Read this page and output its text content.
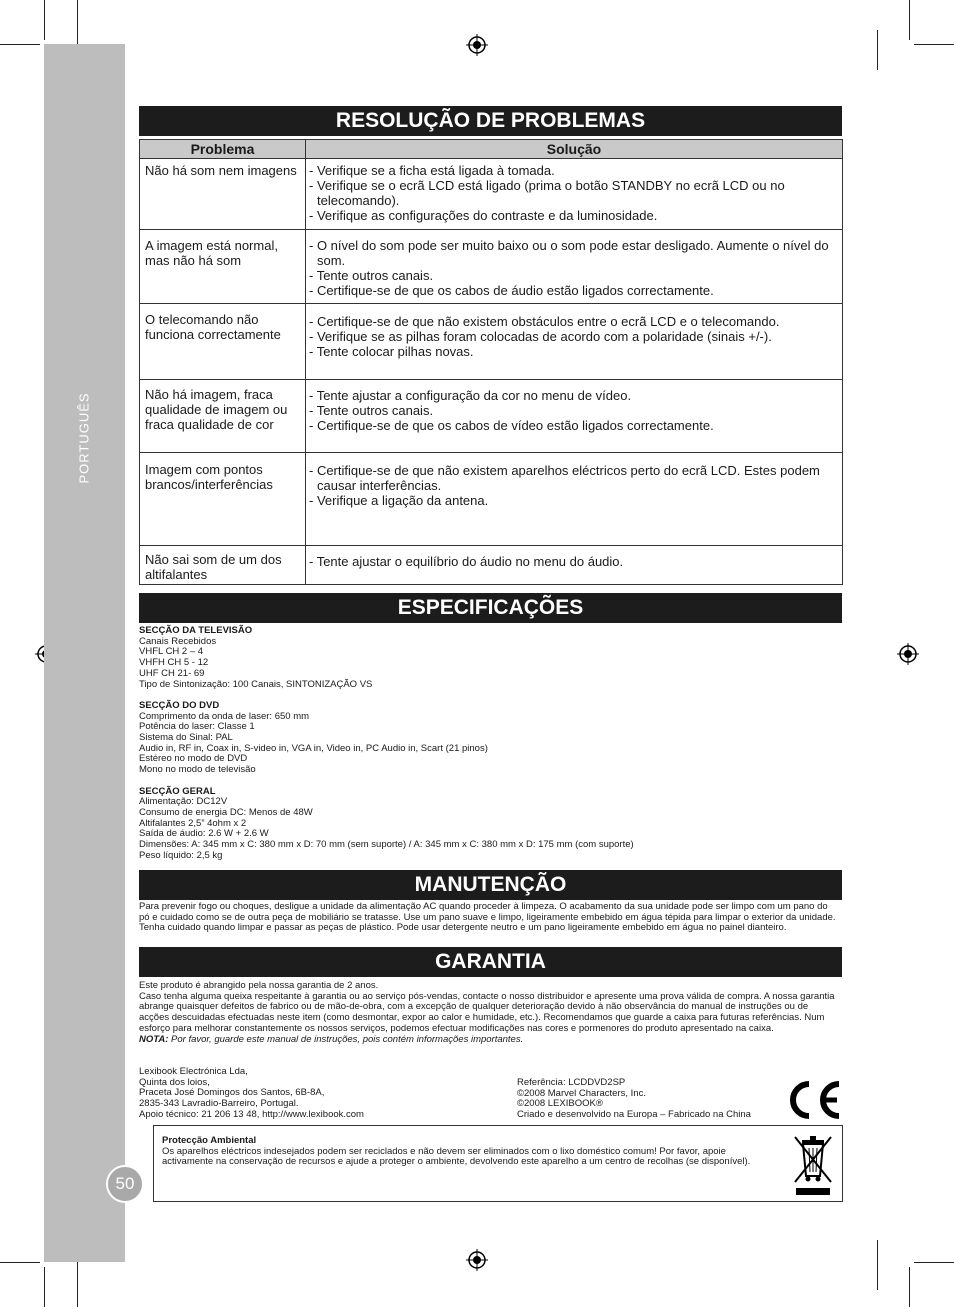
PORTUGUÊS
50
RESOLUÇÃO DE PROBLEMAS
Problema	Solução
Não há som nem imagens	- Verifique se a ficha está ligada à tomada.

- Verifique se o ecrã LCD está ligado (prima o botão STANDBY no ecrã LCD ou no telecomando).

- Verifique as configurações do contraste e da luminosidade.

A imagem está normal, mas não há som	- O nível do som pode ser muito baixo ou o som pode estar desligado. Aumente o nível do som.

- Tente outros canais.

- Certifique-se de que os cabos de áudio estão ligados correctamente.

O telecomando não funciona correctamente	- Certifique-se de que não existem obstáculos entre o ecrã LCD e o telecomando.

- Verifique se as pilhas foram colocadas de acordo com a polaridade (sinais +/-).

- Tente colocar pilhas novas.

Não há imagem, fraca qualidade de imagem ou fraca qualidade de cor	- Tente ajustar a configuração da cor no menu de vídeo.

- Tente outros canais.

- Certifique-se de que os cabos de vídeo estão ligados correctamente.

Imagem com pontos brancos/interferências	- Certifique-se de que não existem aparelhos eléctricos perto do ecrã LCD. Estes podem causar interferências.

- Verifique a ligação da antena.

Não sai som de um dos altifalantes	- Tente ajustar o equilíbrio do áudio no menu do áudio.

ESPECIFICAÇÕES
SECÇÃO DA TELEVISÃO
Canais Recebidos
VHFL CH 2 – 4
VHFH CH 5 - 12
UHF CH 21- 69
Tipo de Sintonização: 100 Canais, SINTONIZAÇÃO VS
SECÇÃO DO DVD
Comprimento da onda de laser: 650 mm
Potência do laser: Classe 1
Sistema do Sinal: PAL
Audio in, RF in, Coax in, S-video in, VGA in, Video in, PC Audio in, Scart (21 pinos)
Estéreo no modo de DVD
Mono no modo de televisão
SECÇÃO GERAL
Alimentação: DC12V
Consumo de energia DC: Menos de 48W
Altifalantes 2,5” 4ohm x 2
Saída de áudio: 2.6 W + 2.6 W
Dimensões: A: 345 mm x C: 380 mm x D: 70 mm (sem suporte) / A: 345 mm x C: 380 mm x D: 175 mm (com suporte)
Peso líquido: 2,5 kg
MANUTENÇÃO

Para prevenir fogo ou choques, desligue a unidade da alimentação AC quando proceder à limpeza. O acabamento da sua unidade pode ser limpo com um pano do pó e cuidado como se de outra peça de mobiliário se tratasse. Use um pano suave e limpo, ligeiramente embebido em água tépida para limpar o exterior da unidade. Tenha cuidado quando limpar e passar as peças de plástico. Pode usar detergente neutro e um pano ligeiramente embebido em água no painel dianteiro.

GARANTIA
Este produto é abrangido pela nossa garantia de 2 anos.
Caso tenha alguma queixa respeitante à garantia ou ao serviço pós-vendas, contacte o nosso distribuidor e apresente uma prova válida de compra. A nossa garantia abrange quaisquer defeitos de fabrico ou de mão-de-obra, com a excepção de qualquer deterioração devido à não observância do manual de instruções ou de acções descuidadas efectuadas neste item (como desmontar, expor ao calor e humidade, etc.). Recomendamos que guarde a caixa para futuras referências. Num esforço para melhorar constantemente os nossos serviços, podemos efectuar modificações nas cores e pormenores do produto apresentado na caixa.
NOTA: Por favor, guarde este manual de instruções, pois contém informações importantes.
Lexibook Electrónica Lda,
Quinta dos loios,
Praceta José Domingos dos Santos, 6B-8A,
2835-343 Lavradio-Barreiro, Portugal.
Apoio técnico: 21 206 13 48, http://www.lexibook.com
Referência: LCDDVD2SP
©2008 Marvel Characters, Inc.
©2008 LEXIBOOK®
Criado e desenvolvido na Europa – Fabricado na China
Protecção Ambiental
Os aparelhos eléctricos indesejados podem ser reciclados e não devem ser eliminados com o lixo doméstico comum! Por favor, apoie activamente na conservação de recursos e ajude a proteger o ambiente, devolvendo este aparelho a um centro de recolhas (se disponível).
